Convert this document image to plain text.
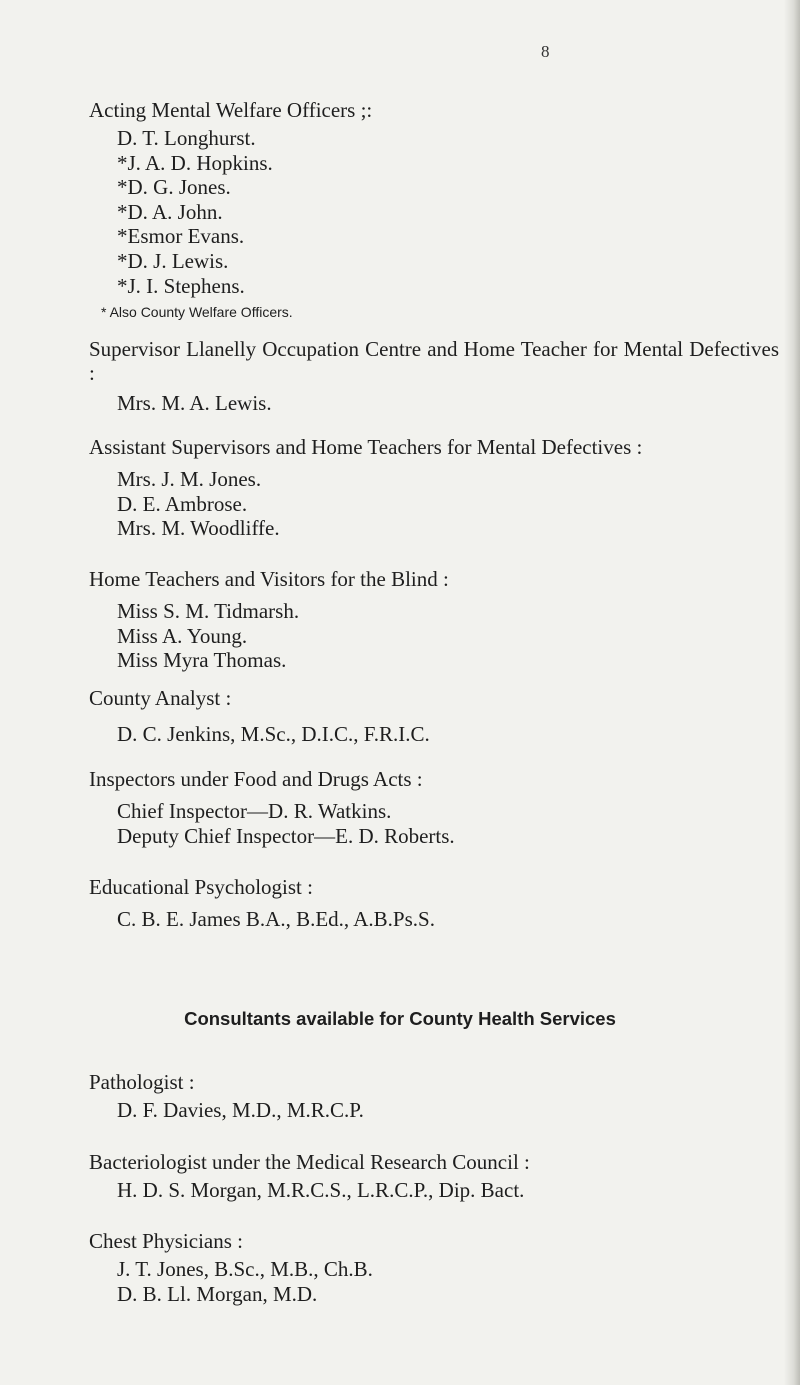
8
Acting Mental Welfare Officers ;:
D. T. Longhurst.
*J. A. D. Hopkins.
*D. G. Jones.
*D. A. John.
*Esmor Evans.
*D. J. Lewis.
*J. I. Stephens.
* Also County Welfare Officers.
Supervisor Llanelly Occupation Centre and Home Teacher for Mental Defectives :
Mrs. M. A. Lewis.
Assistant Supervisors and Home Teachers for Mental Defectives :
Mrs. J. M. Jones.
D. E. Ambrose.
Mrs. M. Woodliffe.
Home Teachers and Visitors for the Blind :
Miss S. M. Tidmarsh.
Miss A. Young.
Miss Myra Thomas.
County Analyst :
D. C. Jenkins, M.Sc., D.I.C., F.R.I.C.
Inspectors under Food and Drugs Acts :
Chief Inspector—D. R. Watkins.
Deputy Chief Inspector—E. D. Roberts.
Educational Psychologist :
C. B. E. James B.A., B.Ed., A.B.Ps.S.
Consultants available for County Health Services
Pathologist :
D. F. Davies, M.D., M.R.C.P.
Bacteriologist under the Medical Research Council :
H. D. S. Morgan, M.R.C.S., L.R.C.P., Dip. Bact.
Chest Physicians :
J. T. Jones, B.Sc., M.B., Ch.B.
D. B. Ll. Morgan, M.D.
